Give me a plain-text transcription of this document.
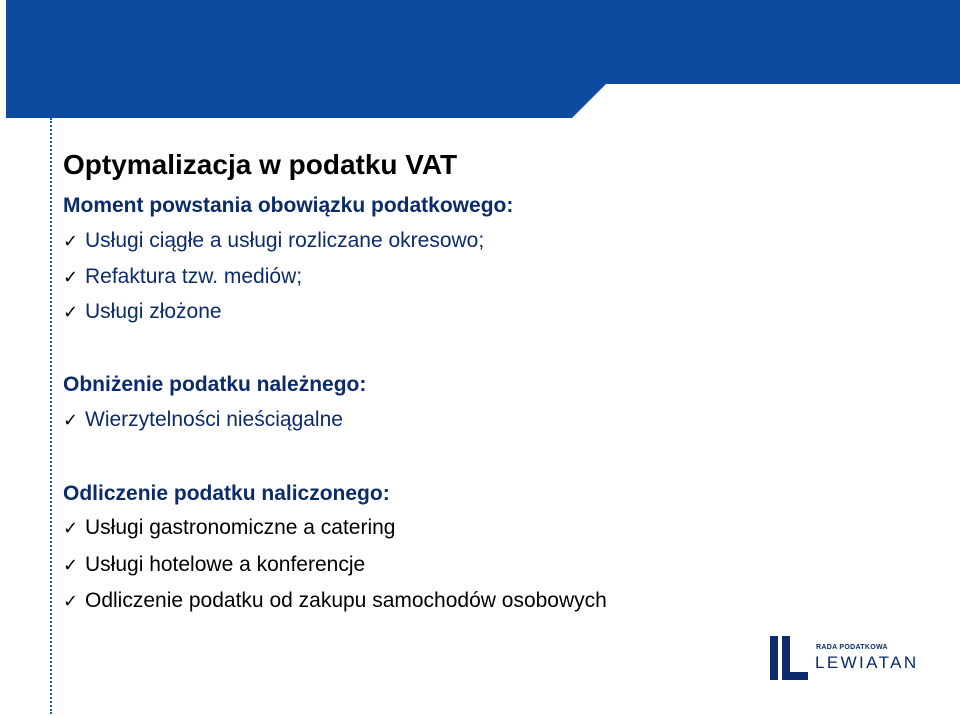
Optymalizacja w podatku VAT
Moment powstania obowiązku podatkowego:
✓ Usługi ciągłe a usługi rozliczane okresowo;
✓ Refaktura tzw. mediów;
✓ Usługi złożone
Obniżenie podatku należnego:
✓ Wierzytelności nieściągalne
Odliczenie podatku naliczonego:
✓ Usługi gastronomiczne a catering
✓ Usługi hotelowe a konferencje
✓ Odliczenie podatku od zakupu samochodów osobowych
RADA PODATKOWA
LEWIATAN
